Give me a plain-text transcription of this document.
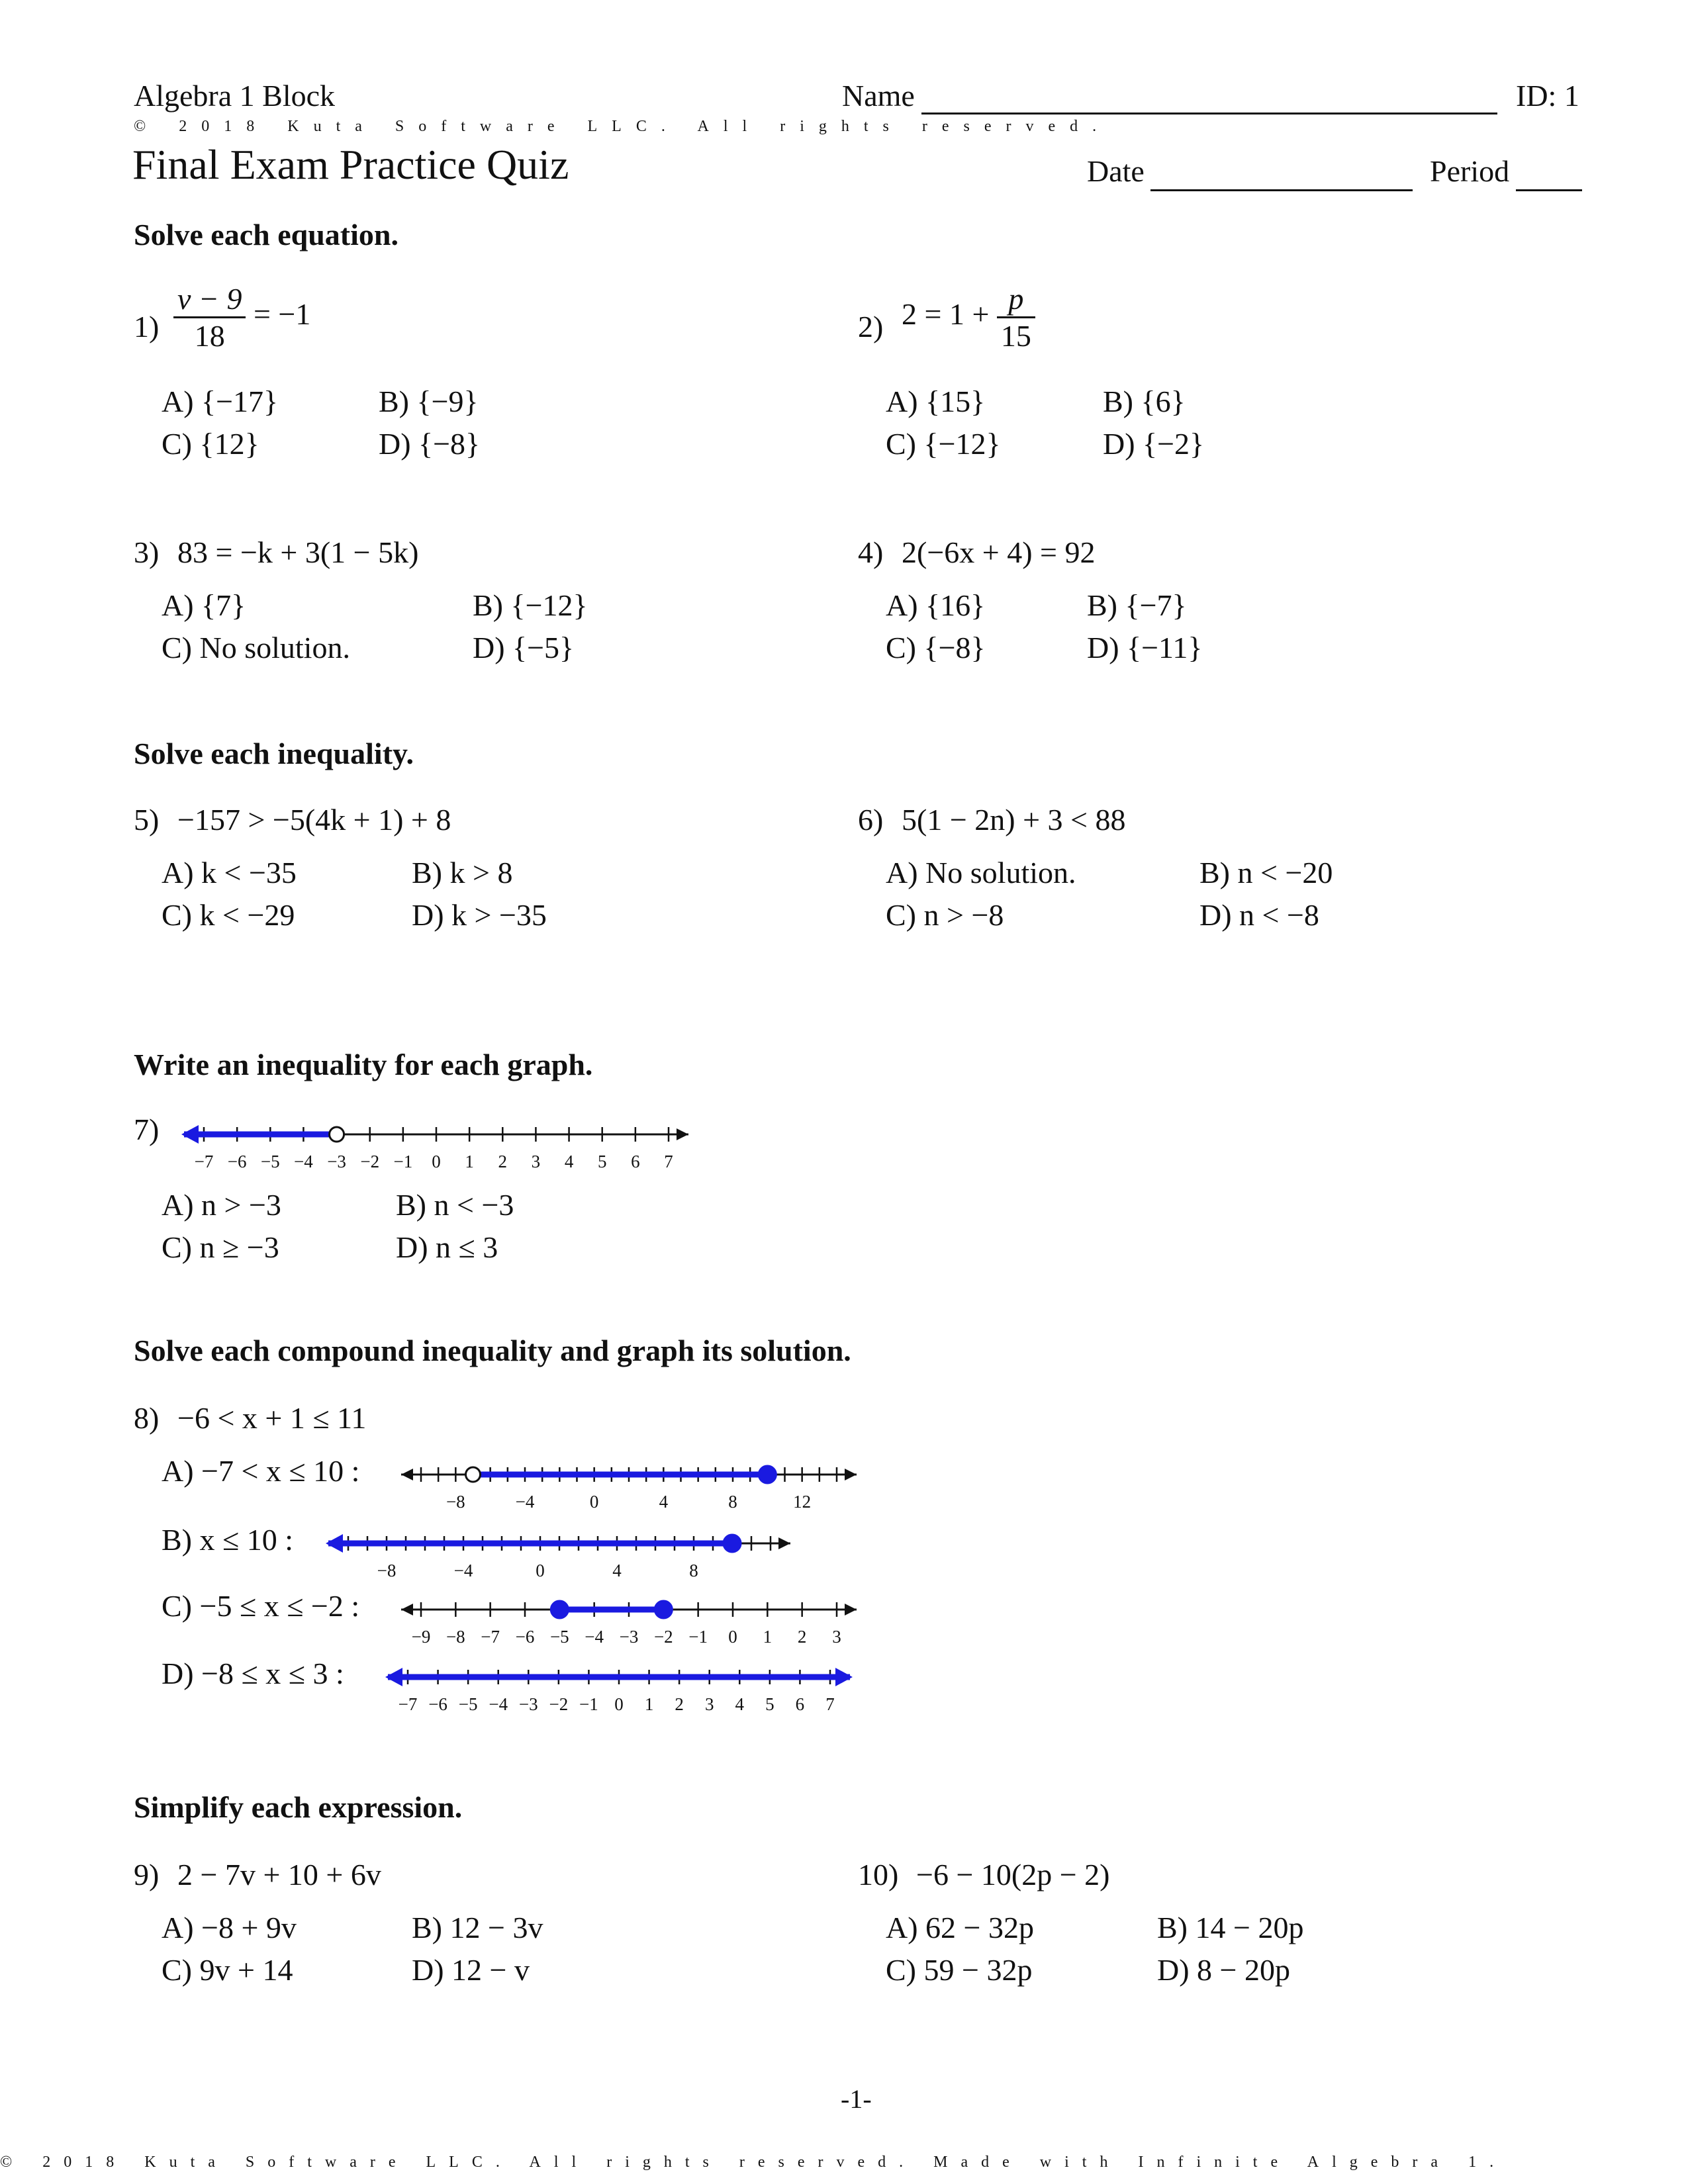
Algebra 1 Block	Name	ID: 1
© 2018 Kuta Software LLC. All rights reserved.
Final Exam Practice Quiz	Date	Period
Solve each equation.
$1) \frac{v - 9}{18} = -1$
A) {−17}	B) {−9}
C) {12}	D) {−8}
2) $2 = 1 + \frac{p}{15}$
A) {15}	B) {6}
C) {−12}	D) {−2}
3) 83 = −k + 3(1 − 5k)
A) {7}	B) {−12}
C) No solution.	D) {−5}
4) 2(−6x + 4) = 92
A) {16}	B) {−7}
C) {−8}	D) {−11}
Solve each inequality.
5) −157 > −5(4k + 1) + 8
A) k < −35	B) k > 8
C) k < −29	D) k > −35
6) 5(1 − 2n) + 3 < 88
A) No solution.	B) n < −20
C) n > −8	D) n < −8
Write an inequality for each graph.
7)
−7 −6 −5 −4 −3 −2 −1 0 1 2 3 4 5 6 7
A) n > −3	B) n < −3
C) n ≥ −3	D) n ≤ 3
Solve each compound inequality and graph its solution.
8) −6 < x + 1 ≤ 11
A) −7 < x ≤ 10 :
−8	−4	0	4	8	12
B) x ≤ 10 :
−8	−4	0	4	8
C) −5 ≤ x ≤ −2 :
−9 −8 −7 −6 −5 −4 −3 −2 −1 0 1 2 3
D) −8 ≤ x ≤ 3 :
−7 −6 −5 −4 −3 −2 −1 0 1 2 3 4 5 6 7
Simplify each expression.
9) 2 − 7v + 10 + 6v
A) −8 + 9v	B) 12 − 3v
C) 9v + 14	D) 12 − v
10) −6 − 10(2p − 2)
A) 62 − 32p	B) 14 − 20p
C) 59 − 32p	D) 8 − 20p
-1-
© 2018 Kuta Software LLC. All rights reserved. Made with Infinite Algebra 1.
